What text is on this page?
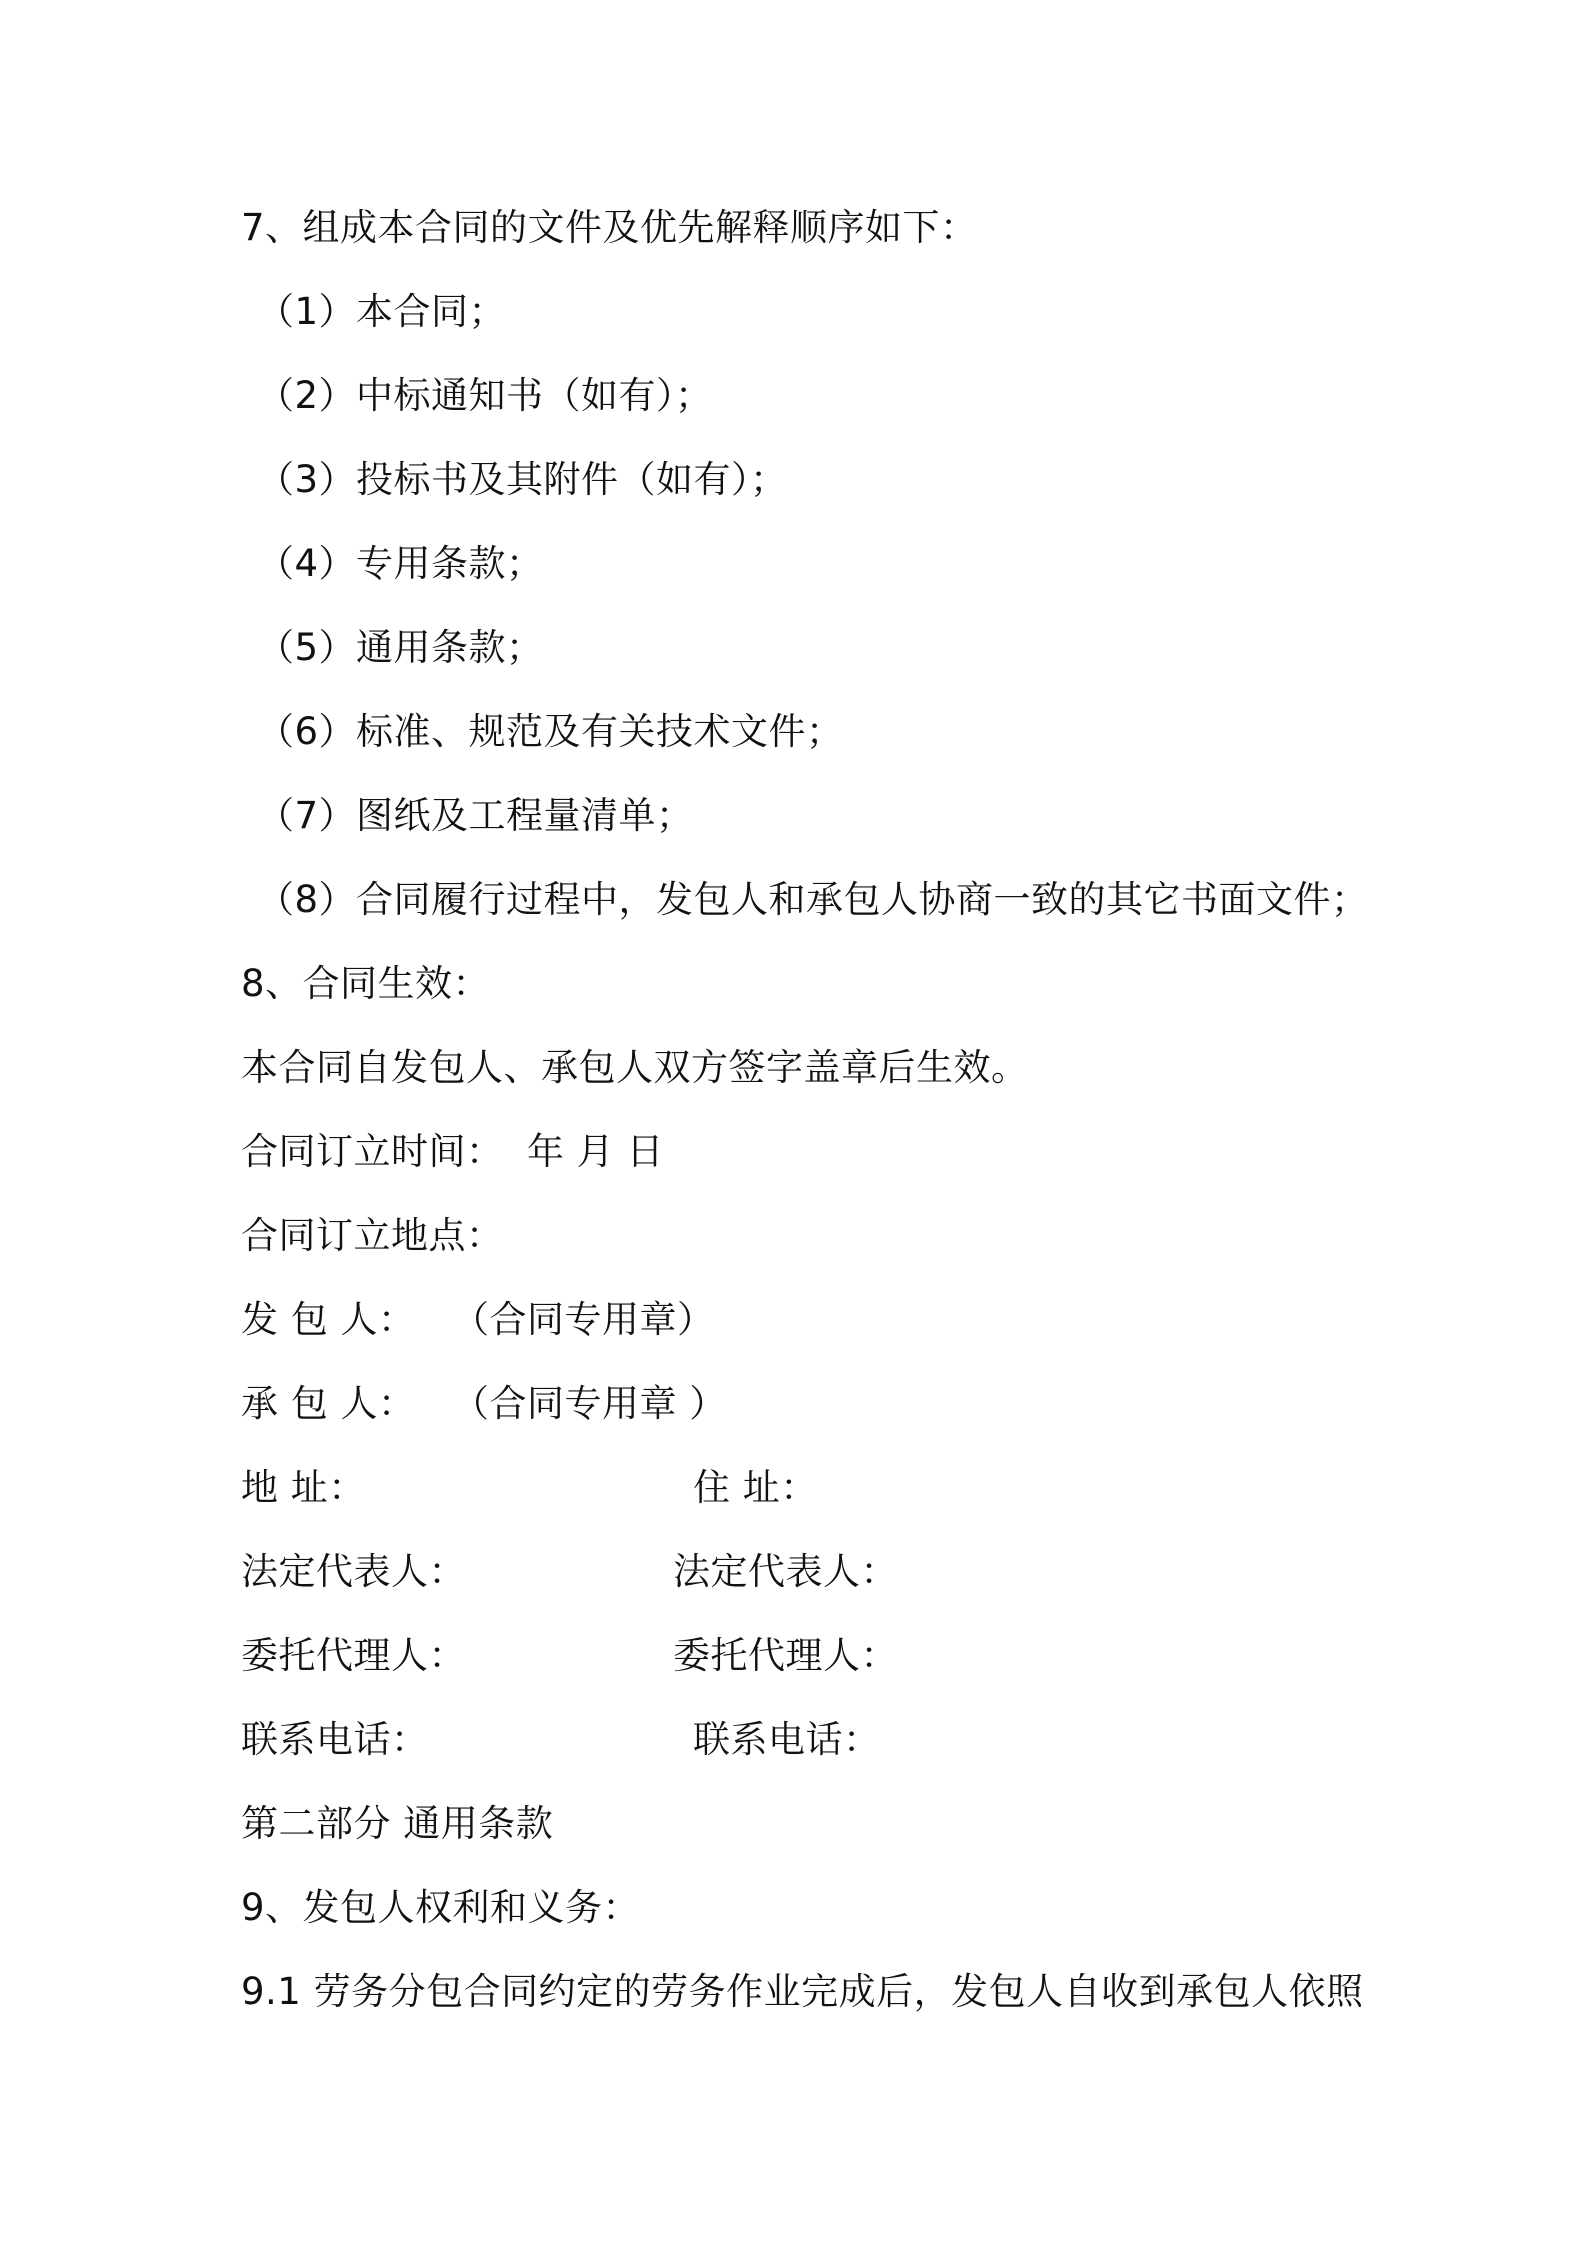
7、组成本合同的文件及优先解释顺序如下：
（1）本合同；
（2）中标通知书（如有）；
（3）投标书及其附件（如有）；
（4）专用条款；
（5）通用条款；
（6）标准、规范及有关技术文件；
（7）图纸及工程量清单；
（8）合同履行过程中，发包人和承包人协商一致的其它书面文件；
8、合同生效：
本合同自发包人、承包人双方签字盖章后生效。
合同订立时间： 年 月 日
合同订立地点：
发 包 人： （合同专用章）
承 包 人： （合同专用章 ）
地 址：	住 址：
法定代表人：	法定代表人：
委托代理人：	委托代理人：
联系电话：	联系电话：
第二部分 通用条款
9、发包人权利和义务：
9.1 劳务分包合同约定的劳务作业完成后，发包人自收到承包人依照
